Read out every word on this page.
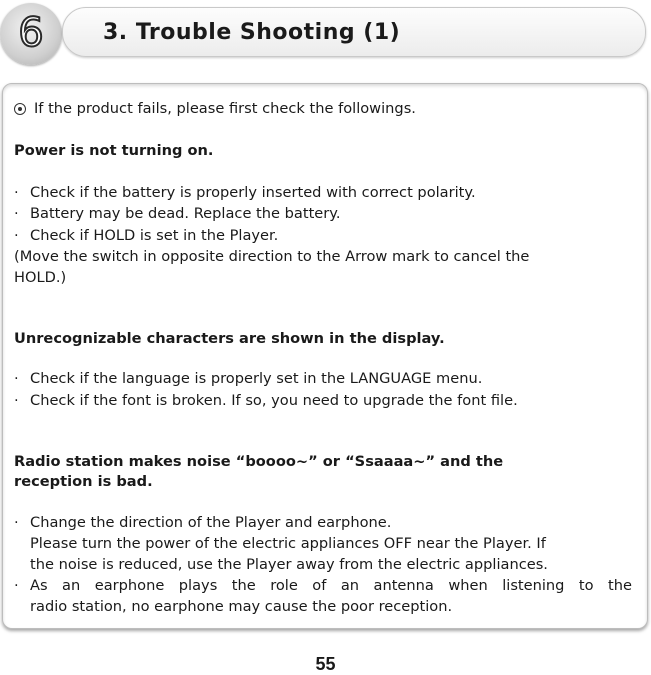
6	3. Trouble Shooting (1)
If the product fails, please first check the followings.
Power is not turning on.
· Check if the battery is properly inserted with correct polarity.
· Battery may be dead. Replace the battery.
· Check if HOLD is set in the Player.
(Move the switch in opposite direction to the Arrow mark to cancel the
HOLD.)
Unrecognizable characters are shown in the display.
· Check if the language is properly set in the LANGUAGE menu.
· Check if the font is broken. If so, you need to upgrade the font file.
Radio station makes noise “boooo~” or “Ssaaaa~” and the
reception is bad.
· Change the direction of the Player and earphone.
Please turn the power of the electric appliances OFF near the Player. If
the noise is reduced, use the Player away from the electric appliances.
· As an earphone plays the role of an antenna when listening to the
radio station, no earphone may cause the poor reception.
55
